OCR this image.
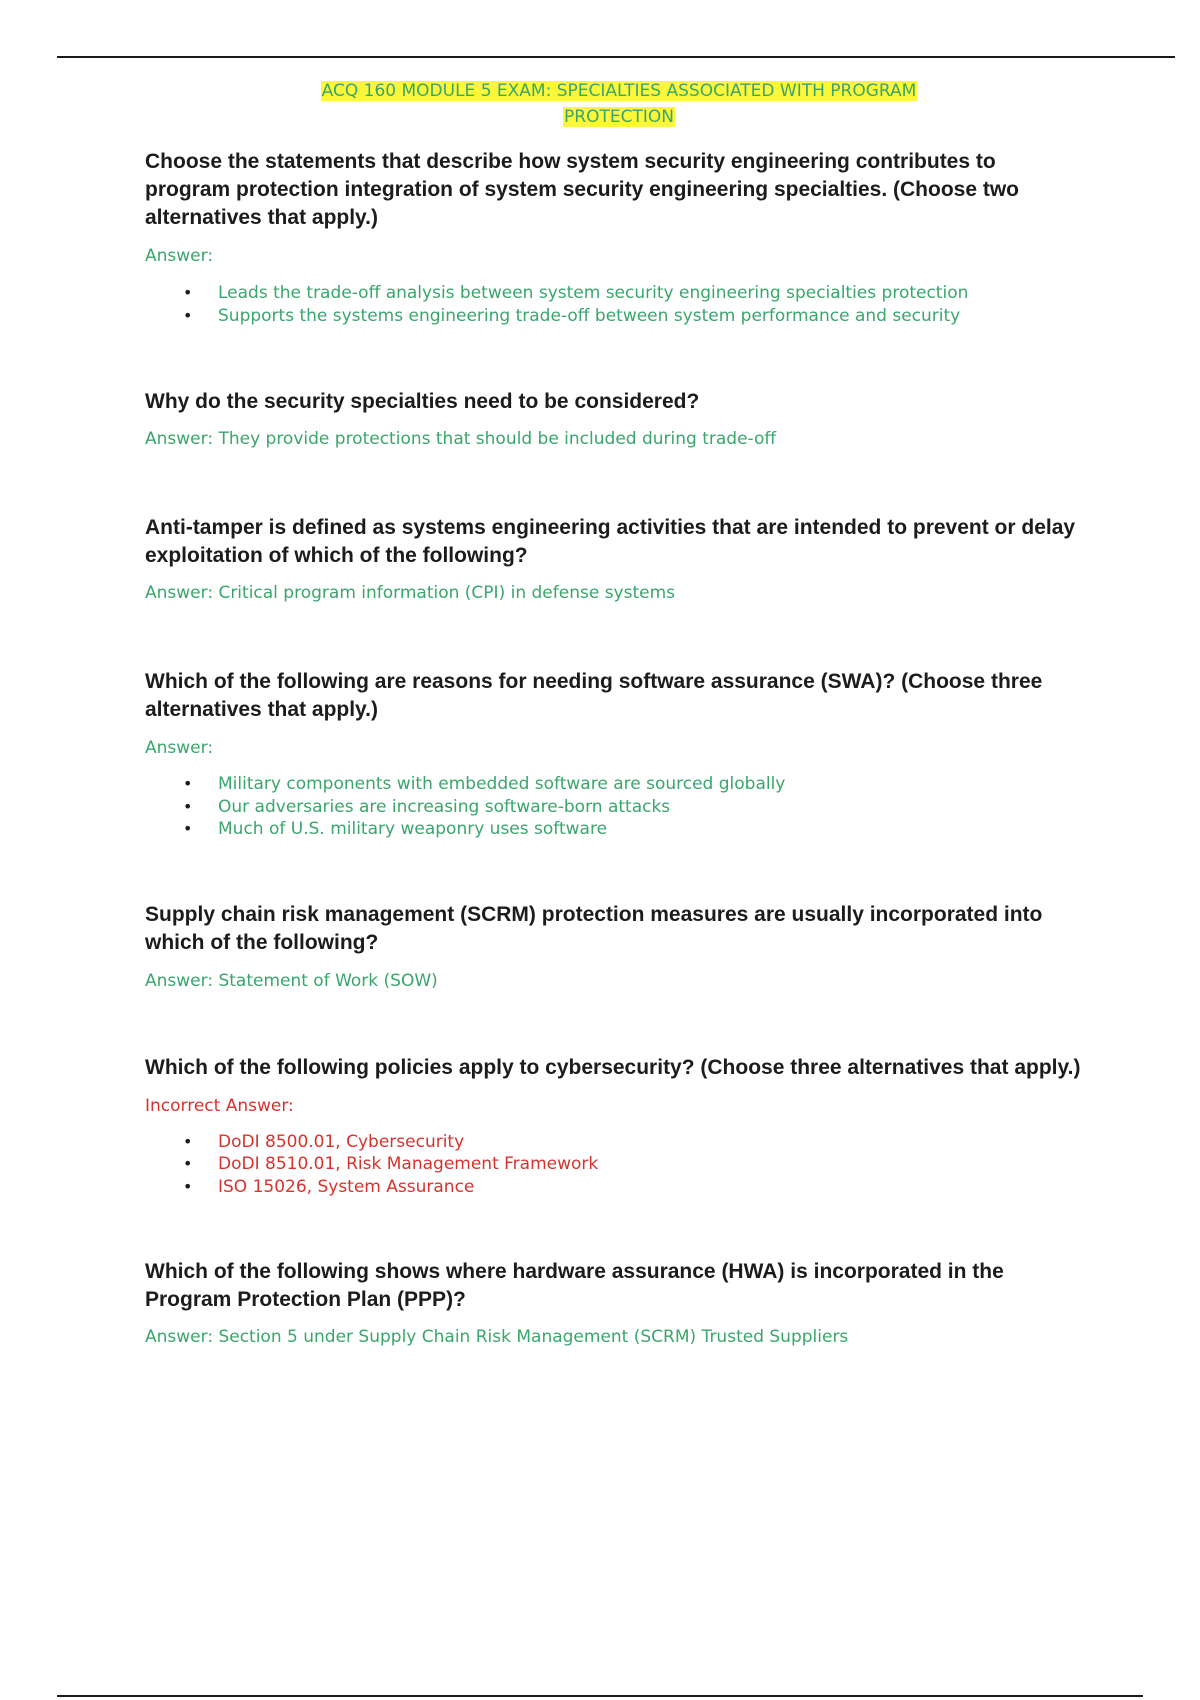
ACQ 160 MODULE 5 EXAM: SPECIALTIES ASSOCIATED WITH PROGRAM
PROTECTION

Choose the statements that describe how system security engineering contributes to program protection integration of system security engineering specialties. (Choose two alternatives that apply.)

Answer:

• Leads the trade-off analysis between system security engineering specialties protection
• Supports the systems engineering trade-off between system performance and security

Why do the security specialties need to be considered?

Answer: They provide protections that should be included during trade-off

Anti-tamper is defined as systems engineering activities that are intended to prevent or delay exploitation of which of the following?

Answer: Critical program information (CPI) in defense systems

Which of the following are reasons for needing software assurance (SWA)? (Choose three alternatives that apply.)

Answer:

• Military components with embedded software are sourced globally
• Our adversaries are increasing software-born attacks
• Much of U.S. military weaponry uses software

Supply chain risk management (SCRM) protection measures are usually incorporated into which of the following?

Answer: Statement of Work (SOW)

Which of the following policies apply to cybersecurity? (Choose three alternatives that apply.)

Incorrect Answer:

• DoDI 8500.01, Cybersecurity
• DoDI 8510.01, Risk Management Framework
• ISO 15026, System Assurance

Which of the following shows where hardware assurance (HWA) is incorporated in the Program Protection Plan (PPP)?

Answer: Section 5 under Supply Chain Risk Management (SCRM) Trusted Suppliers
